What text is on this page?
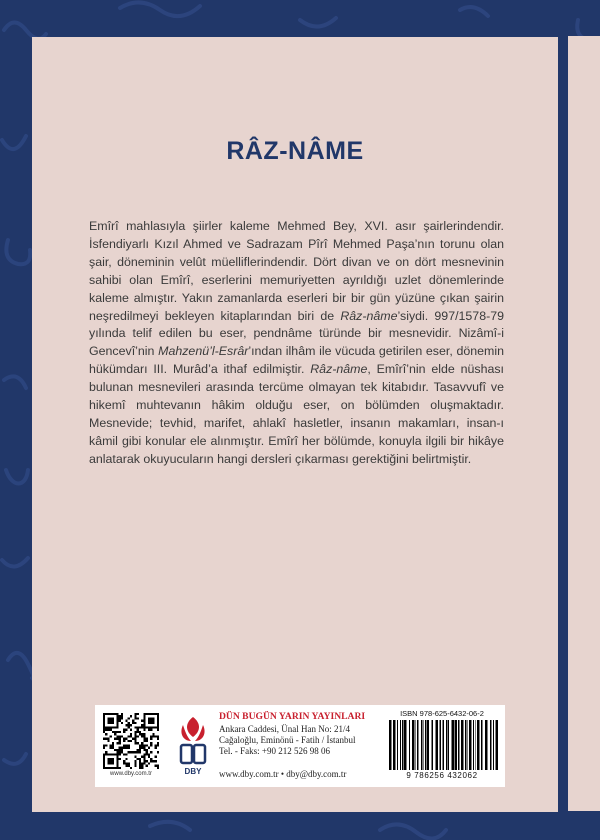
RÂZ-NÂME

Emîrî mahlasıyla şiirler kaleme Mehmed Bey, XVI. asır şairlerindendir. İsfendiyarlı Kızıl Ahmed ve Sadrazam Pîrî Mehmed Paşa’nın torunu olan şair, döneminin velût müelliflerindendir. Dört divan ve on dört mesnevinin sahibi olan Emîrî, eserlerini memuriyetten ayrıldığı uzlet dönemlerinde kaleme almıştır. Yakın zamanlarda eserleri bir bir gün yüzüne çıkan şairin neşredilmeyi bekleyen kitaplarından biri de Râz-nâme’siydi. 997/1578-79 yılında telif edilen bu eser, pendnâme türünde bir mesnevidir. Nizâmî-i Gencevî’nin Mahzenü’l-Esrâr’ından ilhâm ile vücuda getirilen eser, dönemin hükümdarı III. Murâd’a ithaf edilmiştir. Râz-nâme, Emîrî’nin elde nüshası bulunan mesnevileri arasında tercüme olmayan tek kitabıdır. Tasavvufî ve hikemî muhtevanın hâkim olduğu eser, on bölümden oluşmaktadır. Mesnevide; tevhid, marifet, ahlakî hasletler, insanın makamları, insan-ı kâmil gibi konular ele alınmıştır. Emîrî her bölümde, konuyla ilgili bir hikâye anlatarak okuyucuların hangi dersleri çıkarması gerektiğini belirtmiştir.

www.dby.com.tr	DBY
DÜN BUGÜN YARIN YAYINLARI
Ankara Caddesi, Ünal Han No: 21/4
Cağaloğlu, Eminönü - Fatih / İstanbul
Tel. - Faks: +90 212 526 98 06
www.dby.com.tr • dby@dby.com.tr
ISBN 978-625-6432-06-2
9 786256 432062
